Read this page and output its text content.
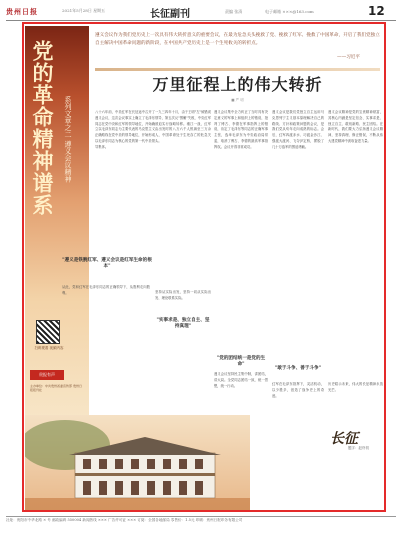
贵州日报	2021年5月28日 星期五	长征副刊	责编 张清	电子邮箱 ×××@163.com	12
党的革命精神谱系	系列文章之二 遵义会议精神
遵义会议作为我们党历史上一次具有伟大转折意义的重要会议，在最为危急关头挽救了党、挽救了红军、挽救了中国革命，开启了我们党独立自主解决中国革命问题的新阶段，在中国共产党历史上是一个生死攸关的转折点。
——习近平
万里征程上的伟大转折
■ 严 明
八十六年前，中央红军在长征途中召开了遵义会议，这次会议事实上确立了毛泽东同志在党中央和红军的领导地位，开始确立以毛泽东同志为主要代表的马克思主义正确路线在党中央的领导地位，开始形成以毛泽东同志为核心的党的第一代中央领导集体。
一九三四年十月，由于王明"左"倾错误领导，第五次反"围剿"失败，中央红军被迫实行战略转移。湘江一战，红军由出发时的八万六千人锐减至三万余人，中国革命处于生死存亡的危急关头。
遵义会议集中全力纠正了当时具有决定意义的军事上和组织上的错误，批判了博古、李德在军事指挥上的错误，肯定了毛泽东等同志的正确军事主张，选举毛泽东为中央政治局常委，取消了博古、李德的最高军事指挥权。会议开得非常成功。
遵义会议是我们党独立自主运用马克思列宁主义基本原理解决自己的路线、方针和政策问题的会议，是我们党从幼年走向成熟的标志。会后，红军四渡赤水、巧渡金沙江、强渡大渡河、飞夺泸定桥，摆脱了几十万敌军的围追堵截。
遵义会议精神是党的宝贵精神财富，其核心内涵是坚定信念、实事求是、独立自主、敢闯新路、民主团结。在新时代，我们要大力弘扬遵义会议精神，坚持真理、修正错误，不断从伟大建党精神中汲取奋进力量。
"遵义是铁腕红军、遵义会议是红军生命的根本"
从此，党和红军在毛泽东同志的正确领导下，从胜利走向胜利。	坚持从实际出发，坚持一切从实际出发、理论联系实际。
"实事求是、独立自主、坚持真理"
"党的团结统一是党的生命"
"敢于斗争、善于斗争"
遵义会议坚持民主集中制，讲团结，讲大局。全党同志团结一致，统一思想，统一行动。	红军在毛泽东指挥下，灵活机动，以少胜多，创造了战争史上的奇迹。
历史昭示未来，伟大的长征精神永放光芒。
扫码观看 视频内容
贵报有声
主办单位：中共贵州省委宣传部 贵州日报报刊社
长征
题字：赵朴初
社址：贵阳市中华北路 × 号 邮政编码 550004 新闻热线 ××× 广告许可证 ××× 订阅：全国各地邮局 零售价：1.5元 印刷：贵州日报印务有限公司
